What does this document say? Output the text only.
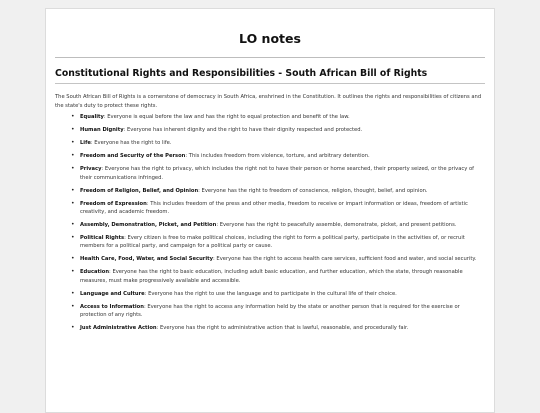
LO notes
Constitutional Rights and Responsibilities - South African Bill of Rights

The South African Bill of Rights is a cornerstone of democracy in South Africa, enshrined in the Constitution. It outlines the rights and responsibilities of citizens and the state's duty to protect these rights.

• Equality: Everyone is equal before the law and has the right to equal protection and benefit of the law.
• Human Dignity: Everyone has inherent dignity and the right to have their dignity respected and protected.
• Life: Everyone has the right to life.
• Freedom and Security of the Person: This includes freedom from violence, torture, and arbitrary detention.
• Privacy: Everyone has the right to privacy, which includes the right not to have their person or home searched, their property seized, or the privacy of their communications infringed.
• Freedom of Religion, Belief, and Opinion: Everyone has the right to freedom of conscience, religion, thought, belief, and opinion.
• Freedom of Expression: This includes freedom of the press and other media, freedom to receive or impart information or ideas, freedom of artistic creativity, and academic freedom.
• Assembly, Demonstration, Picket, and Petition: Everyone has the right to peacefully assemble, demonstrate, picket, and present petitions.
• Political Rights: Every citizen is free to make political choices, including the right to form a political party, participate in the activities of, or recruit members for a political party, and campaign for a political party or cause.
• Health Care, Food, Water, and Social Security: Everyone has the right to access health care services, sufficient food and water, and social security.
• Education: Everyone has the right to basic education, including adult basic education, and further education, which the state, through reasonable measures, must make progressively available and accessible.
• Language and Culture: Everyone has the right to use the language and to participate in the cultural life of their choice.
• Access to Information: Everyone has the right to access any information held by the state or another person that is required for the exercise or protection of any rights.
• Just Administrative Action: Everyone has the right to administrative action that is lawful, reasonable, and procedurally fair.
